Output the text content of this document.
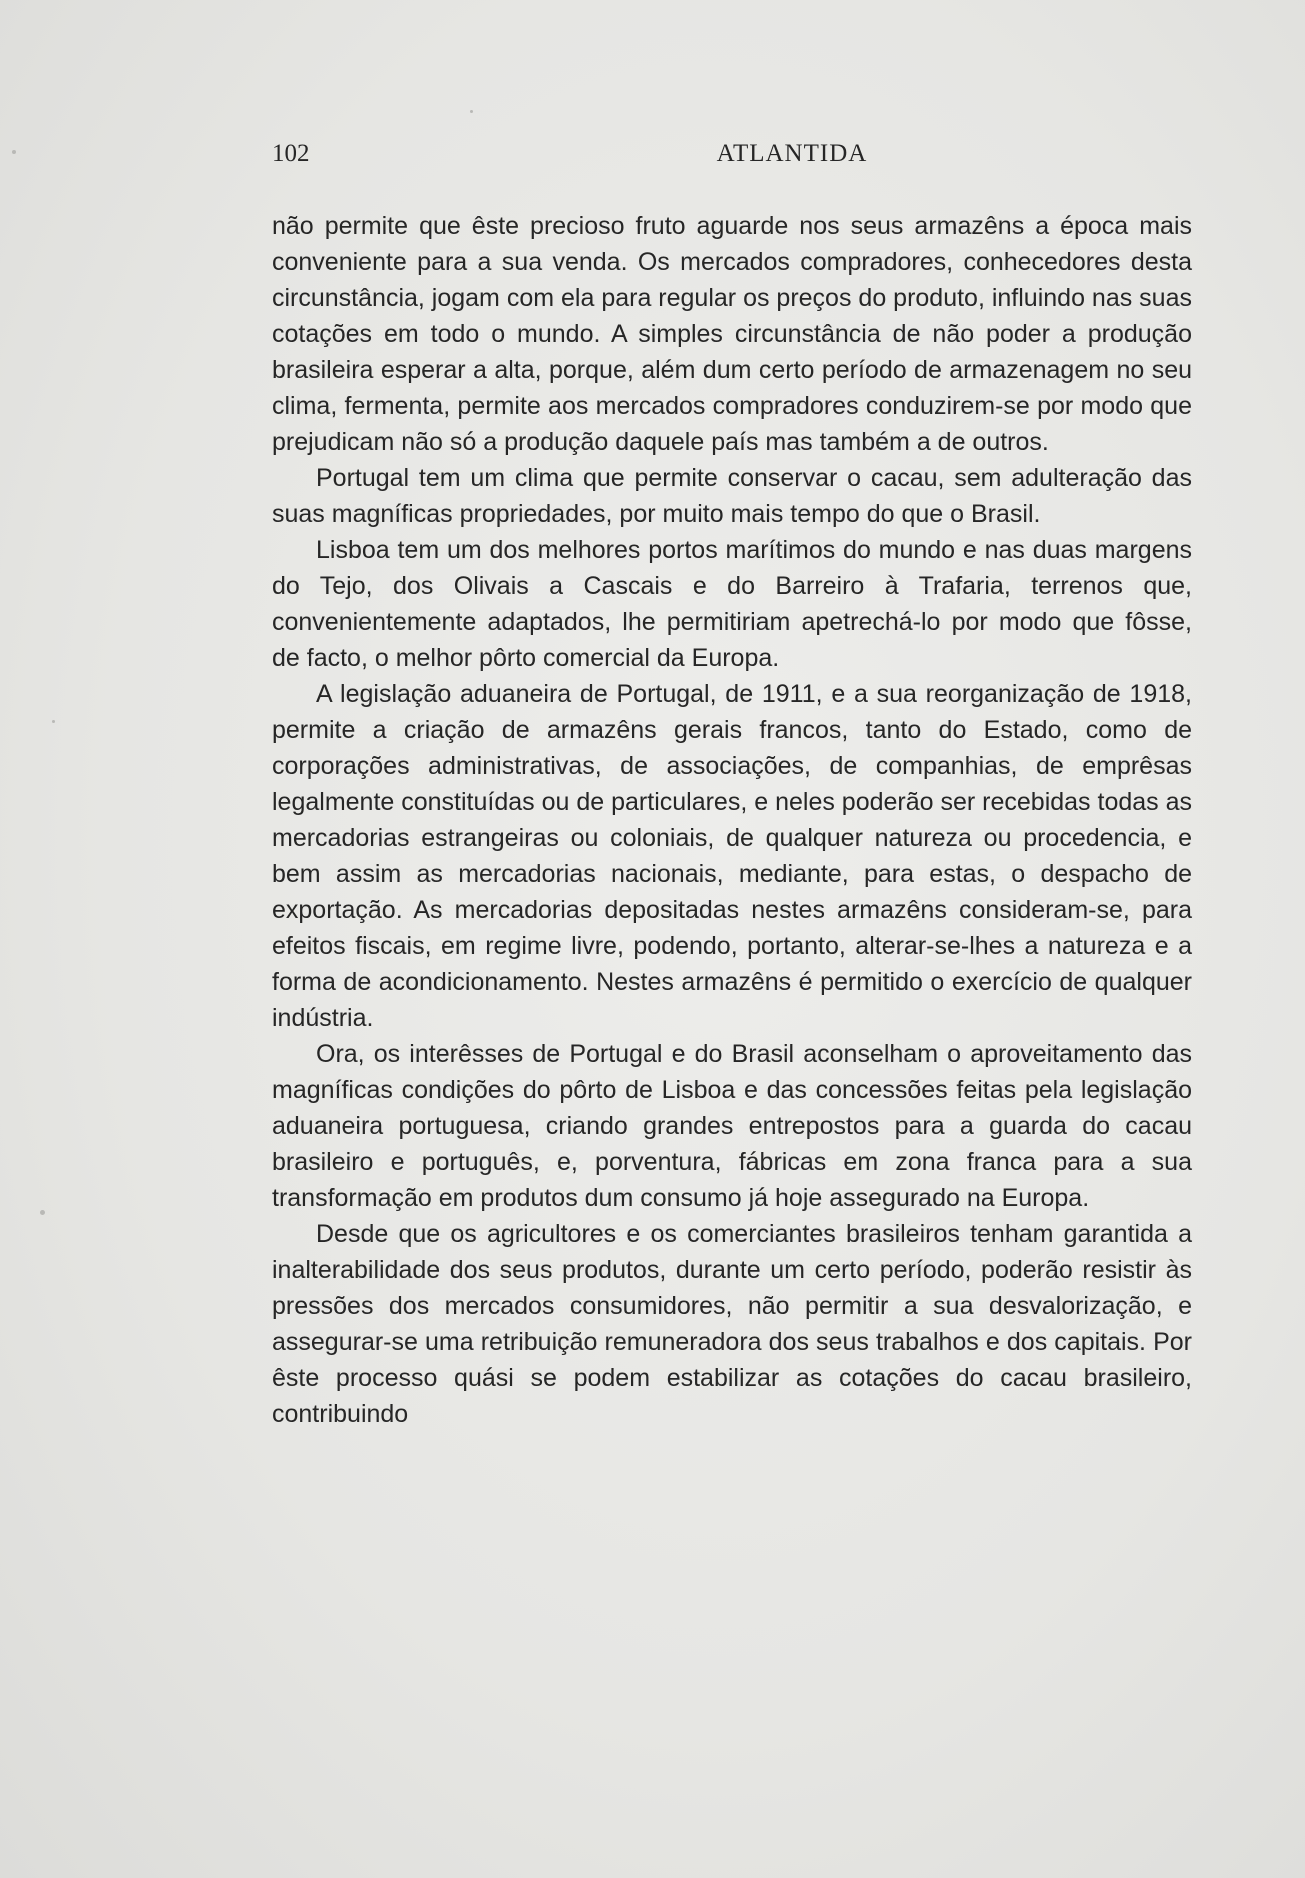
102	ATLANTIDA

não permite que êste precioso fruto aguarde nos seus armazêns a época mais conveniente para a sua venda. Os mercados compradores, conhecedores desta circunstância, jogam com ela para regular os preços do produto, influindo nas suas cotações em todo o mundo. A simples circunstância de não poder a produção brasileira esperar a alta, porque, além dum certo período de armazenagem no seu clima, fermenta, permite aos mercados compradores conduzirem-se por modo que prejudicam não só a produção daquele país mas também a de outros.

Portugal tem um clima que permite conservar o cacau, sem adulteração das suas magníficas propriedades, por muito mais tempo do que o Brasil.

Lisboa tem um dos melhores portos marítimos do mundo e nas duas margens do Tejo, dos Olivais a Cascais e do Barreiro à Trafaria, terrenos que, convenientemente adaptados, lhe permitiriam apetrechá-lo por modo que fôsse, de facto, o melhor pôrto comercial da Europa.

A legislação aduaneira de Portugal, de 1911, e a sua reorganização de 1918, permite a criação de armazêns gerais francos, tanto do Estado, como de corporações administrativas, de associações, de companhias, de emprêsas legalmente constituídas ou de particulares, e neles poderão ser recebidas todas as mercadorias estrangeiras ou coloniais, de qualquer natureza ou procedencia, e bem assim as mercadorias nacionais, mediante, para estas, o despacho de exportação. As mercadorias depositadas nestes armazêns consideram-se, para efeitos fiscais, em regime livre, podendo, portanto, alterar-se-lhes a natureza e a forma de acondicionamento. Nestes armazêns é permitido o exercício de qualquer indústria.

Ora, os interêsses de Portugal e do Brasil aconselham o aproveitamento das magníficas condições do pôrto de Lisboa e das concessões feitas pela legislação aduaneira portuguesa, criando grandes entrepostos para a guarda do cacau brasileiro e português, e, porventura, fábricas em zona franca para a sua transformação em produtos dum consumo já hoje assegurado na Europa.

Desde que os agricultores e os comerciantes brasileiros tenham garantida a inalterabilidade dos seus produtos, durante um certo período, poderão resistir às pressões dos mercados consumidores, não permitir a sua desvalorização, e assegurar-se uma retribuição remuneradora dos seus trabalhos e dos capitais. Por êste processo quási se podem estabilizar as cotações do cacau brasileiro, contribuindo
